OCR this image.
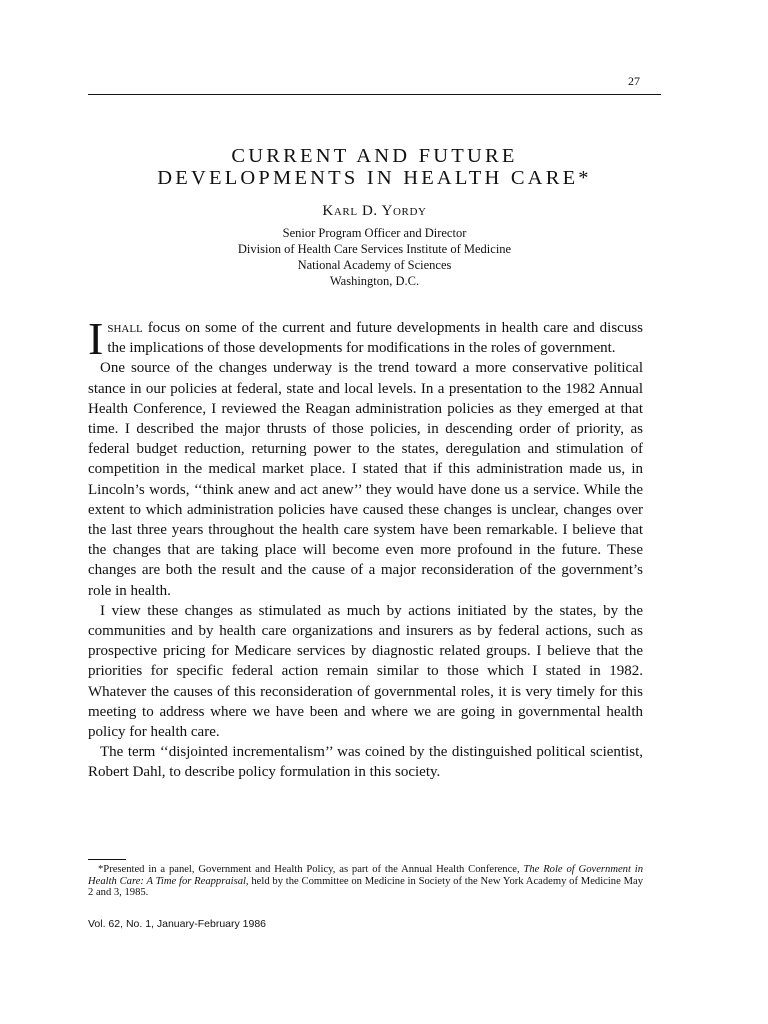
27
CURRENT AND FUTURE
DEVELOPMENTS IN HEALTH CARE*
Karl D. Yordy
Senior Program Officer and Director
Division of Health Care Services Institute of Medicine
National Academy of Sciences
Washington, D.C.

Ishall focus on some of the current and future developments in health care and discuss the implications of those developments for modifications in the roles of government.

One source of the changes underway is the trend toward a more conservative political stance in our policies at federal, state and local levels. In a presentation to the 1982 Annual Health Conference, I reviewed the Reagan administration policies as they emerged at that time. I described the major thrusts of those policies, in descending order of priority, as federal budget reduction, returning power to the states, deregulation and stimulation of competition in the medical market place. I stated that if this administration made us, in Lincoln’s words, ‘‘think anew and act anew’’ they would have done us a service. While the extent to which administration policies have caused these changes is unclear, changes over the last three years throughout the health care system have been remarkable. I believe that the changes that are taking place will become even more profound in the future. These changes are both the result and the cause of a major reconsideration of the government’s role in health.

I view these changes as stimulated as much by actions initiated by the states, by the communities and by health care organizations and insurers as by federal actions, such as prospective pricing for Medicare services by diagnostic related groups. I believe that the priorities for specific federal action remain similar to those which I stated in 1982. Whatever the causes of this reconsideration of governmental roles, it is very timely for this meeting to address where we have been and where we are going in governmental health policy for health care.

The term ‘‘disjointed incrementalism’’ was coined by the distinguished political scientist, Robert Dahl, to describe policy formulation in this society.

*Presented in a panel, Government and Health Policy, as part of the Annual Health Conference, The Role of Government in Health Care: A Time for Reappraisal, held by the Committee on Medicine in Society of the New York Academy of Medicine May 2 and 3, 1985.
Vol. 62, No. 1, January-February 1986
